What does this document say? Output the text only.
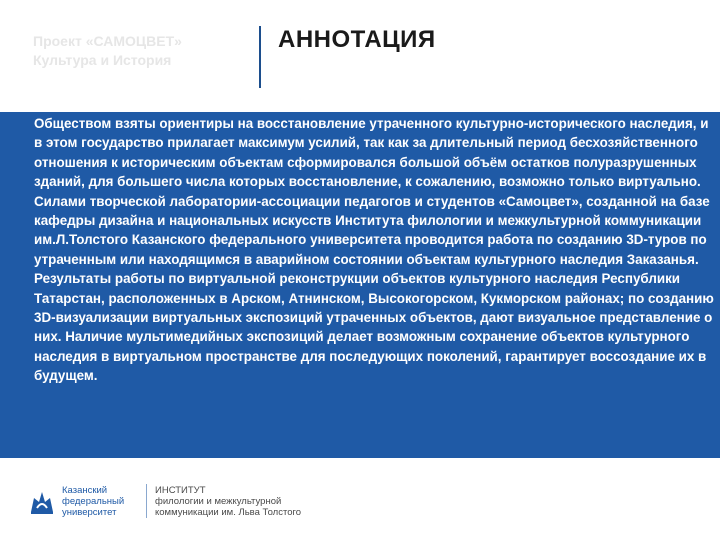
Проект «САМОЦВЕТ»
Культура и История
АННОТАЦИЯ

Обществом взяты ориентиры на восстановление утраченного культурно-исторического наследия, и в этом государство прилагает максимум усилий, так как за длительный период бесхозяйственного отношения к историческим объектам сформировался большой объём остатков полуразрушенных зданий, для большего числа которых восстановление, к сожалению, возможно только виртуально.

Силами творческой лаборатории-ассоциации педагогов и студентов «Самоцвет», созданной на базе кафедры дизайна и национальных искусств Института филологии и межкультурной коммуникации им.Л.Толстого Казанского федерального университета проводится работа по созданию 3D-туров по утраченным или находящимся в аварийном состоянии объектам культурного наследия Заказанья.

Результаты работы по виртуальной реконструкции объектов культурного наследия Республики Татарстан, расположенных в Арском, Атнинском, Высокогорском, Кукморском районах; по созданию 3D-визуализации виртуальных экспозиций утраченных объектов, дают визуальное представление о них. Наличие мультимедийных экспозиций делает возможным сохранение объектов культурного наследия в виртуальном пространстве для последующих поколений, гарантирует воссоздание их в будущем.

Казанский
федеральный
университет
ИНСТИТУТ
филологии и межкультурной
коммуникации им. Льва Толстого
